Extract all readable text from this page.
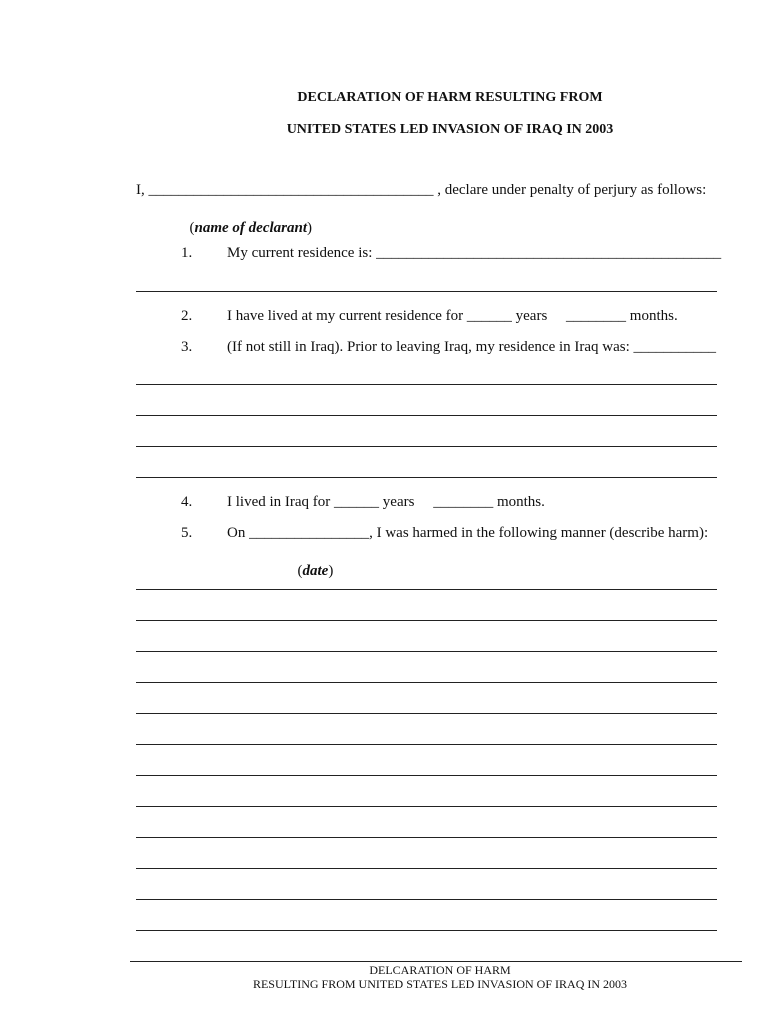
DECLARATION OF HARM RESULTING FROM
UNITED STATES LED INVASION OF IRAQ IN 2003
I, ______________________________________ , declare under penalty of perjury as follows:

(name of declarant)

1. My current residence is: ______________________________________________
2. I have lived at my current residence for ______ years     ________ months.
3. (If not still in Iraq). Prior to leaving Iraq, my residence in Iraq was: ___________
4. I lived in Iraq for ______ years     ________ months.
5. On ________________, I was harmed in the following manner (describe harm):

(date)

DELCARATION OF HARM
RESULTING FROM UNITED STATES LED INVASION OF IRAQ IN 2003
